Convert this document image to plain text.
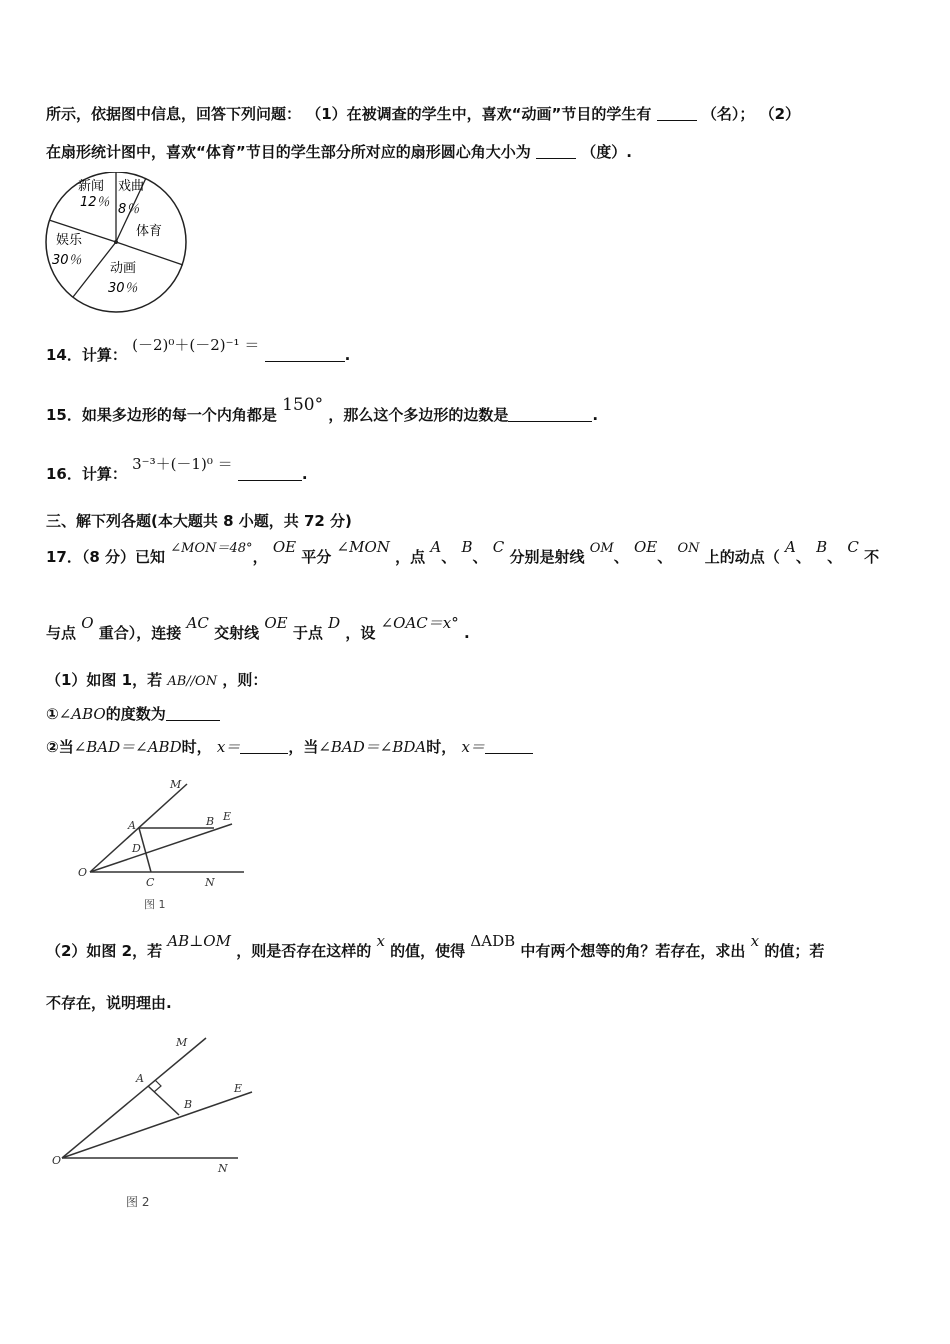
所示，依据图中信息，回答下列问题： （1）在被调查的学生中，喜欢“动画”节目的学生有	（名）； （2）
在扇形统计图中，喜欢“体育”节目的学生部分所对应的扇形圆心角大小为	（度）.
新闻
12％
戏曲
8％
体育
动画
30％
娱乐
30％
14．计算： (－2)⁰＋(－2)⁻¹ ＝ .
15．如果多边形的每一个内角都是 150° ，那么这个多边形的边数是	.
16．计算： 3⁻³＋(－1)⁰ ＝ .
三、解下列各题(本大题共 8 小题，共 72 分)
17．（8 分）已知 ∠MON＝48°， OE 平分 ∠MON ，点 A、 B、 C 分别是射线 OM、 OE、 ON 上的动点（ A、 B、 C 不
与点 O 重合），连接 AC 交射线 OE 于点 D ，设 ∠OAC＝x° .
（1）如图 1，若 AB//ON ，则：
①∠ABO的度数为
②当∠BAD＝∠ABD时， x＝	，当∠BAD＝∠BDA时， x＝
M
A	B E
D
O
C	N
图 1
（2）如图 2，若 AB⊥OM ，则是否存在这样的 x 的值，使得 ΔADB 中有两个想等的角？若存在，求出 x 的值；若
不存在，说明理由.
M
A
B
E
O
N
图 2
